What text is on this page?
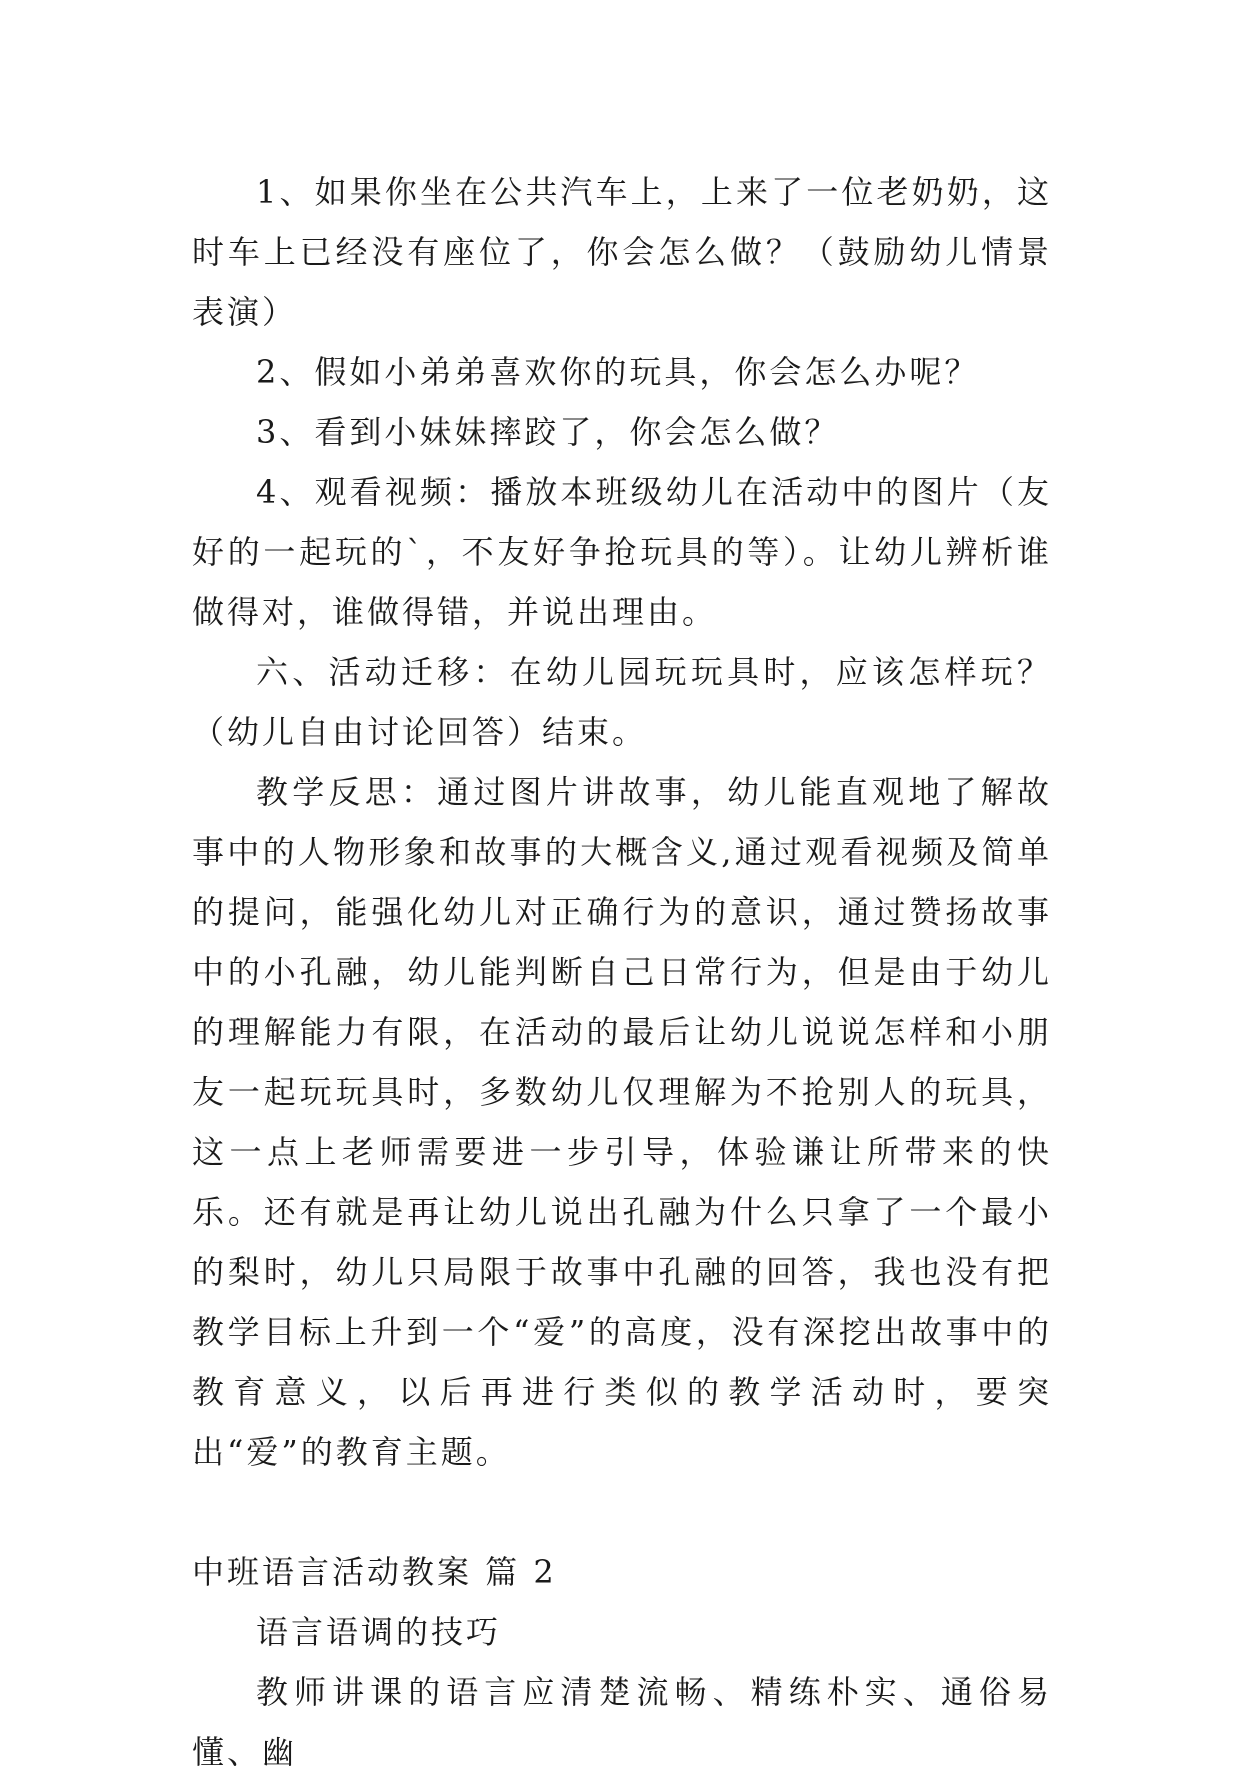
1、如果你坐在公共汽车上，上来了一位老奶奶，这时车上已经没有座位了，你会怎么做？（鼓励幼儿情景表演）

2、假如小弟弟喜欢你的玩具，你会怎么办呢？

3、看到小妹妹摔跤了，你会怎么做？

4、观看视频：播放本班级幼儿在活动中的图片（友好的一起玩的`，不友好争抢玩具的等）。让幼儿辨析谁做得对，谁做得错，并说出理由。

六、活动迁移：在幼儿园玩玩具时，应该怎样玩？（幼儿自由讨论回答）结束。

教学反思：通过图片讲故事，幼儿能直观地了解故事中的人物形象和故事的大概含义,通过观看视频及简单的提问，能强化幼儿对正确行为的意识，通过赞扬故事中的小孔融，幼儿能判断自己日常行为，但是由于幼儿的理解能力有限，在活动的最后让幼儿说说怎样和小朋友一起玩玩具时，多数幼儿仅理解为不抢别人的玩具，这一点上老师需要进一步引导，体验谦让所带来的快乐。还有就是再让幼儿说出孔融为什么只拿了一个最小的梨时，幼儿只局限于故事中孔融的回答，我也没有把教学目标上升到一个“爱”的高度，没有深挖出故事中的教育意义，以后再进行类似的教学活动时，要突出“爱”的教育主题。

中班语言活动教案 篇 2

语言语调的技巧

教师讲课的语言应清楚流畅、精练朴实、通俗易懂、幽
